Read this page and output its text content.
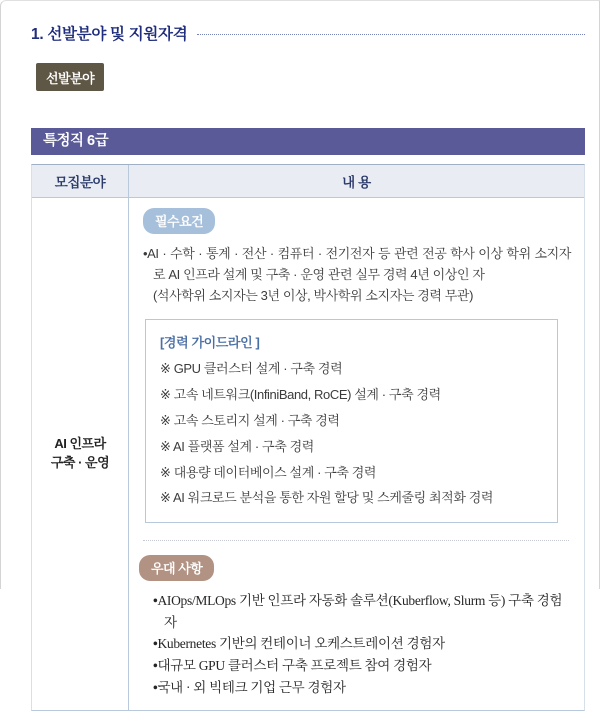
1. 선발분야 및 지원자격
선발분야
특정직 6급
모집분야	내 용
AI 인프라
구축 · 운영
필수요건

• AI · 수학 · 통계 · 전산 · 컴퓨터 · 전기전자 등 관련 전공 학사 이상 학위 소지자로 AI 인프라 설계 및 구축 · 운영 관련 실무 경력 4년 이상인 자

(석사학위 소지자는 3년 이상, 박사학위 소지자는 경력 무관)

[경력 가이드라인 ]
※ GPU 클러스터 설계 · 구축 경력
※ 고속 네트워크(InfiniBand, RoCE) 설계 · 구축 경력
※ 고속 스토리지 설계 · 구축 경력
※ AI 플랫폼 설계 · 구축 경력
※ 대용량 데이터베이스 설계 · 구축 경력
※ AI 워크로드 분석을 통한 자원 할당 및 스케줄링 최적화 경력
우대 사항
• AIOps/MLOps 기반 인프라 자동화 솔루션(Kuberflow, Slurm 등) 구축 경험자
• Kubernetes 기반의 컨테이너 오케스트레이션 경험자
• 대규모 GPU 클러스터 구축 프로젝트 참여 경험자
• 국내 · 외 빅테크 기업 근무 경험자
